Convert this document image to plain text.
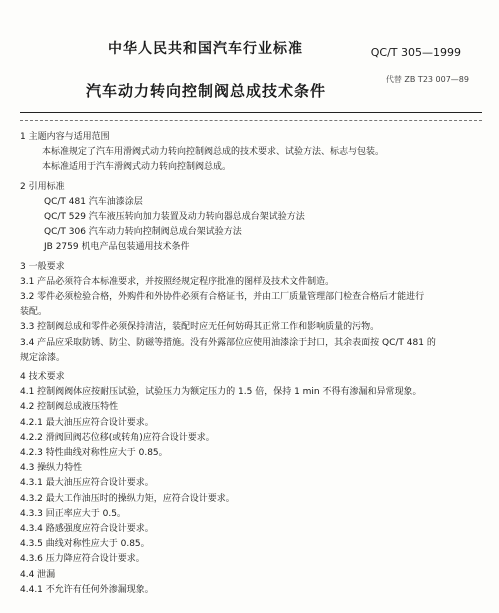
中华人民共和国汽车行业标准	QC/T 305—1999
代替 ZB T23 007—89
汽车动力转向控制阀总成技术条件

1 主题内容与适用范围

本标准规定了汽车用滑阀式动力转向控制阀总成的技术要求、试验方法、标志与包装。

本标准适用于汽车滑阀式动力转向控制阀总成。

2 引用标准

QC/T 481 汽车油漆涂层

QC/T 529 汽车液压转向加力装置及动力转向器总成台架试验方法

QC/T 306 汽车动力转向控制阀总成台架试验方法

JB 2759 机电产品包装通用技术条件

3 一般要求

3.1 产品必须符合本标准要求，并按照经规定程序批准的图样及技术文件制造。

3.2 零件必须检验合格，外购件和外协件必须有合格证书，并由工厂质量管理部门检查合格后才能进行

装配。

3.3 控制阀总成和零件必须保持清洁，装配时应无任何妨碍其正常工作和影响质量的污物。

3.4 产品应采取防锈、防尘、防磁等措施。没有外露部位应使用油漆涂于封口，其余表面按 QC/T 481 的

规定涂漆。

4 技术要求

4.1 控制阀阀体应按耐压试验，试验压力为额定压力的 1.5 倍，保持 1 min 不得有渗漏和异常现象。

4.2 控制阀总成液压特性

4.2.1 最大油压应符合设计要求。

4.2.2 滑阀回阀芯位移(或转角)应符合设计要求。

4.2.3 特性曲线对称性应大于 0.85。

4.3 操纵力特性

4.3.1 最大油压应符合设计要求。

4.3.2 最大工作油压时的操纵力矩，应符合设计要求。

4.3.3 回正率应大于 0.5。

4.3.4 路感强度应符合设计要求。

4.3.5 曲线对称性应大于 0.85。

4.3.6 压力降应符合设计要求。

4.4 泄漏

4.4.1 不允许有任何外渗漏现象。
